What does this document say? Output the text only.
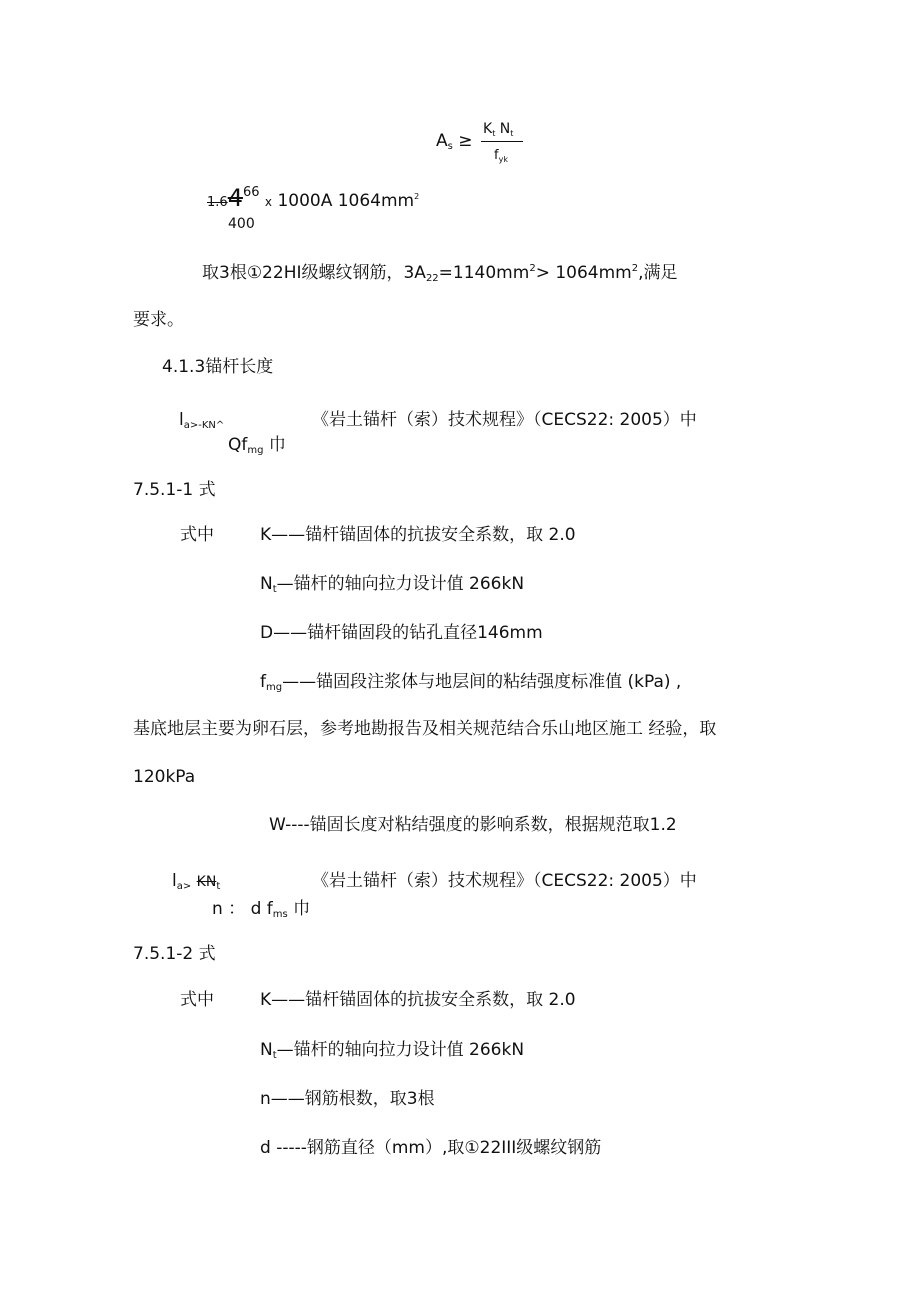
$A_s$ ≥
$K_t$ $N_t$
$f_{yk}$
1.64$^{66}$ x 1000A $1064mm^2$
400
取3根①22HI级螺纹钢筋，$3A_{22}=1140mm^2> 1064mm^2$,满足
要求。
4.1.3锚杆长度
$l_{a>-KN\^{}}$	《岩土锚杆（索）技术规程》（CECS22: 2005）中
$Qf_{mg}$ 巾
7.5.1-1 式
式中	K——锚杆锚固体的抗拔安全系数，取 2.0
$N_t—$锚杆的轴向拉力设计值 266kN
D——锚杆锚固段的钻孔直径146mm
$f_{mg}——$锚固段注浆体与地层间的粘结强度标准值 (kPa) ,
基底地层主要为卵石层，参考地勘报告及相关规范结合乐山地区施工 经验，取
120kPa
W----锚固长度对粘结强度的影响系数，根据规范取1.2
$l_{a>}$ $KN_t$	《岩土锚杆（索）技术规程》（CECS22: 2005）中
n ： d $f_{ms}$ 巾
7.5.1-2 式
式中	K——锚杆锚固体的抗拔安全系数，取 2.0
$N_t—$锚杆的轴向拉力设计值 266kN
n——钢筋根数，取3根
d -----钢筋直径（mm）,取①22III级螺纹钢筋
